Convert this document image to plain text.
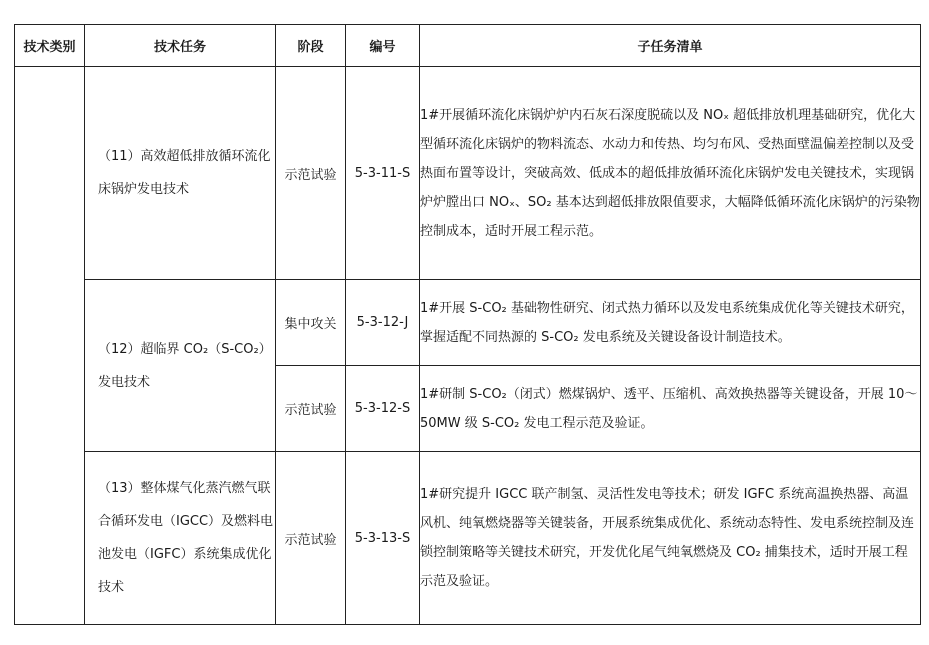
技术类别	技术任务	阶段	编号	子任务清单

	（11）高效超低排放循环流化床锅炉发电技术	示范试验	5-3-11-S	1#开展循环流化床锅炉炉内石灰石深度脱硫以及 NOₓ 超低排放机理基础研究，优化大型循环流化床锅炉的物料流态、水动力和传热、均匀布风、受热面壁温偏差控制以及受热面布置等设计，突破高效、低成本的超低排放循环流化床锅炉发电关键技术，实现锅炉炉膛出口 NOₓ、SO₂ 基本达到超低排放限值要求，大幅降低循环流化床锅炉的污染物控制成本，适时开展工程示范。

	（12）超临界 CO₂（S-CO₂）发电技术	集中攻关	5-3-12-J	1#开展 S-CO₂ 基础物性研究、闭式热力循环以及发电系统集成优化等关键技术研究，掌握适配不同热源的 S-CO₂ 发电系统及关键设备设计制造技术。
		示范试验	5-3-12-S	1#研制 S-CO₂（闭式）燃煤锅炉、透平、压缩机、高效换热器等关键设备，开展 10～50MW 级 S-CO₂ 发电工程示范及验证。

	（13）整体煤气化蒸汽燃气联合循环发电（IGCC）及燃料电池发电（IGFC）系统集成优化技术	示范试验	5-3-13-S	1#研究提升 IGCC 联产制氢、灵活性发电等技术；研发 IGFC 系统高温换热器、高温风机、纯氧燃烧器等关键装备，开展系统集成优化、系统动态特性、发电系统控制及连锁控制策略等关键技术研究，开发优化尾气纯氧燃烧及 CO₂ 捕集技术，适时开展工程示范及验证。
